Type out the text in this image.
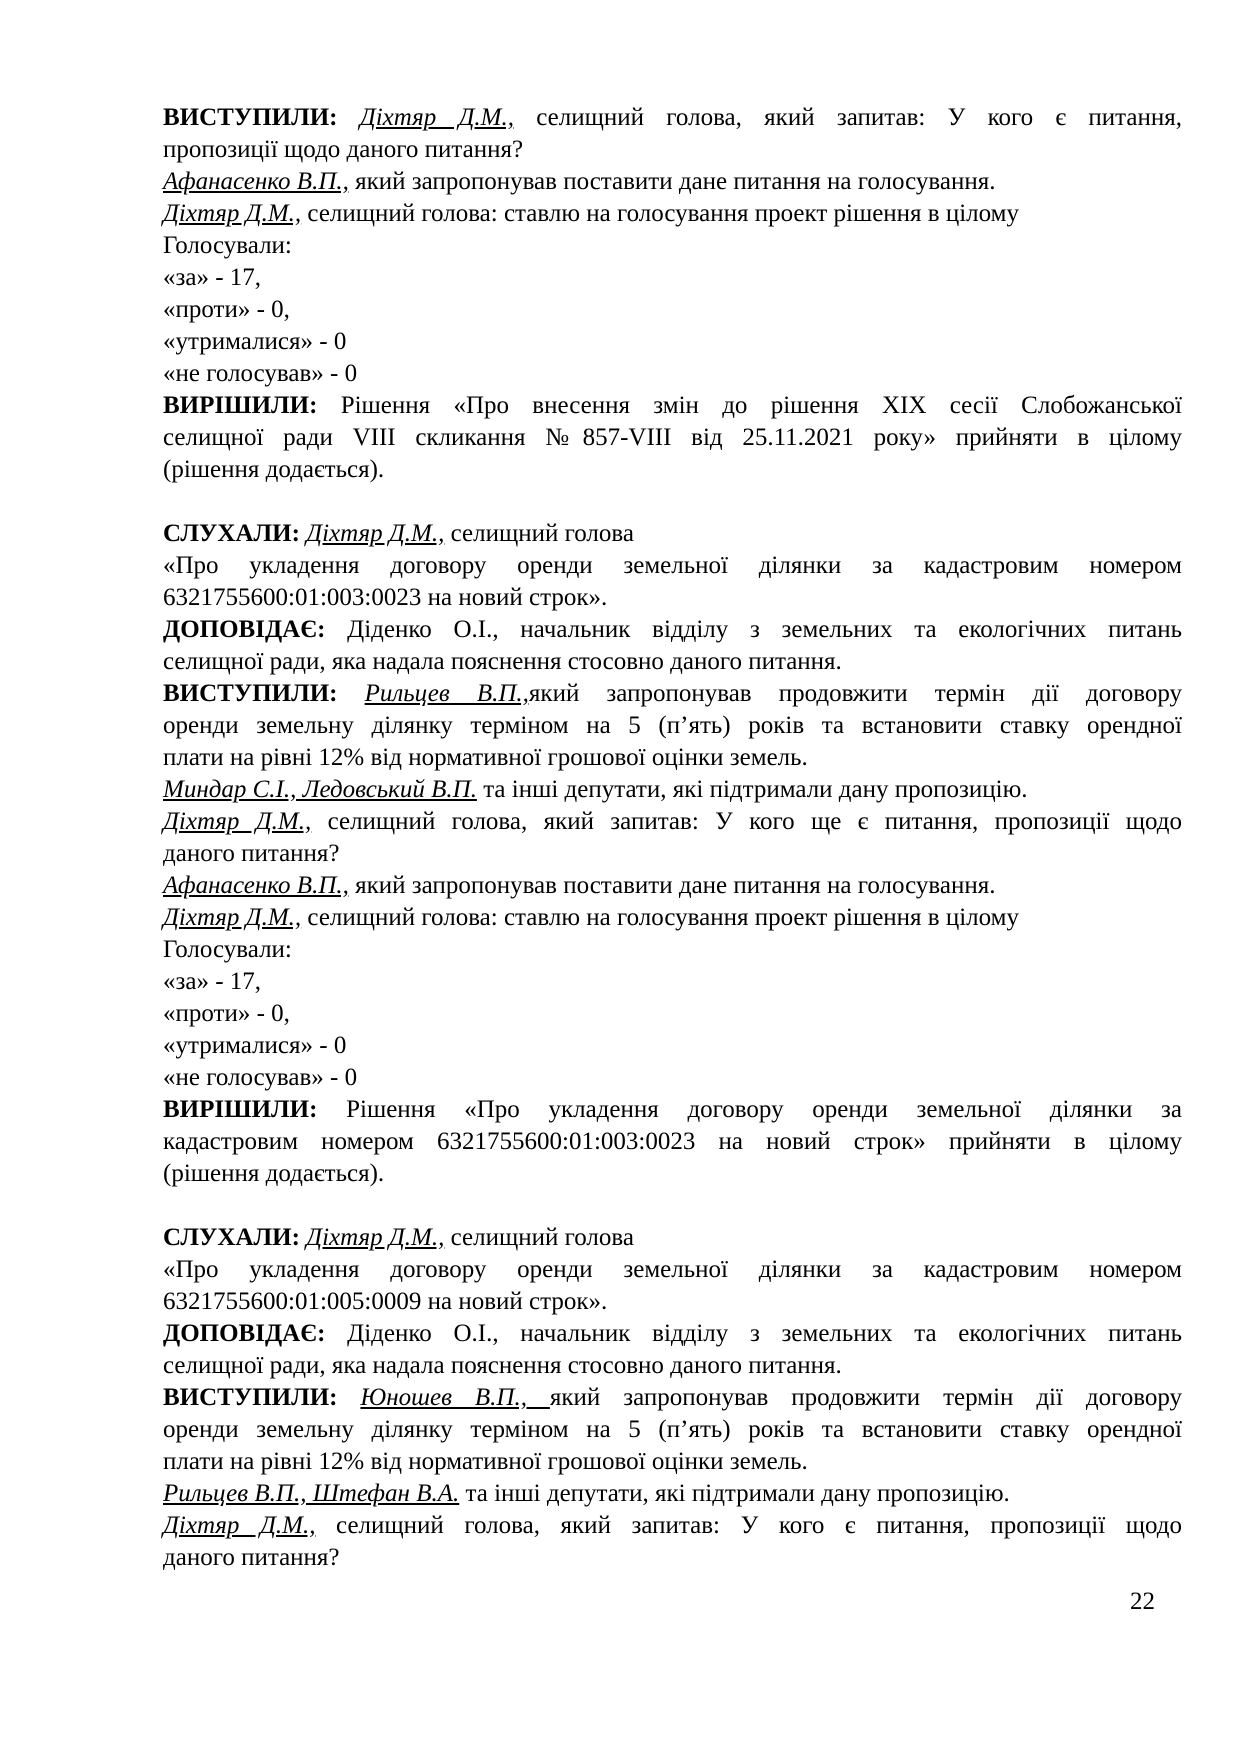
ВИСТУПИЛИ: Діхтяр Д.М., селищний голова, який запитав: У кого є питання,
пропозиції щодо даного питання?
Афанасенко В.П., який запропонував поставити дане питання на голосування.
Діхтяр Д.М., селищний голова: ставлю на голосування проект рішення в цілому
Голосували:
«за» - 17,
«проти» - 0,
«утрималися» - 0
«не голосував» - 0
ВИРІШИЛИ: Рішення «Про внесення змін до рішення ХІХ сесії Слобожанської
селищної ради VIII скликання №857-VIII від 25.11.2021 року» прийняти в цілому
(рішення додається).
СЛУХАЛИ: Діхтяр Д.М., селищний голова
«Про укладення договору оренди земельної ділянки за кадастровим номером
6321755600:01:003:0023 на новий строк».
ДОПОВІДАЄ: Діденко О.І., начальник відділу з земельних та екологічних питань
селищної ради, яка надала пояснення стосовно даного питання.
ВИСТУПИЛИ: Рильцев В.П.,який запропонував продовжити термін дії договору
оренди земельну ділянку терміном на 5 (п’ять) років та встановити ставку орендної
плати на рівні 12% від нормативної грошової оцінки земель.
Миндар С.І., Ледовський В.П. та інші депутати, які підтримали дану пропозицію.
Діхтяр Д.М., селищний голова, який запитав: У кого ще є питання, пропозиції щодо
даного питання?
Афанасенко В.П., який запропонував поставити дане питання на голосування.
Діхтяр Д.М., селищний голова: ставлю на голосування проект рішення в цілому
Голосували:
«за» - 17,
«проти» - 0,
«утрималися» - 0
«не голосував» - 0
ВИРІШИЛИ: Рішення «Про укладення договору оренди земельної ділянки за
кадастровим номером 6321755600:01:003:0023 на новий строк» прийняти в цілому
(рішення додається).
СЛУХАЛИ: Діхтяр Д.М., селищний голова
«Про укладення договору оренди земельної ділянки за кадастровим номером
6321755600:01:005:0009 на новий строк».
ДОПОВІДАЄ: Діденко О.І., начальник відділу з земельних та екологічних питань
селищної ради, яка надала пояснення стосовно даного питання.
ВИСТУПИЛИ: Юношев В.П., який запропонував продовжити термін дії договору
оренди земельну ділянку терміном на 5 (п’ять) років та встановити ставку орендної
плати на рівні 12% від нормативної грошової оцінки земель.
Рильцев В.П., Штефан В.А. та інші депутати, які підтримали дану пропозицію.
Діхтяр Д.М., селищний голова, який запитав: У кого є питання, пропозиції щодо
даного питання?
22
